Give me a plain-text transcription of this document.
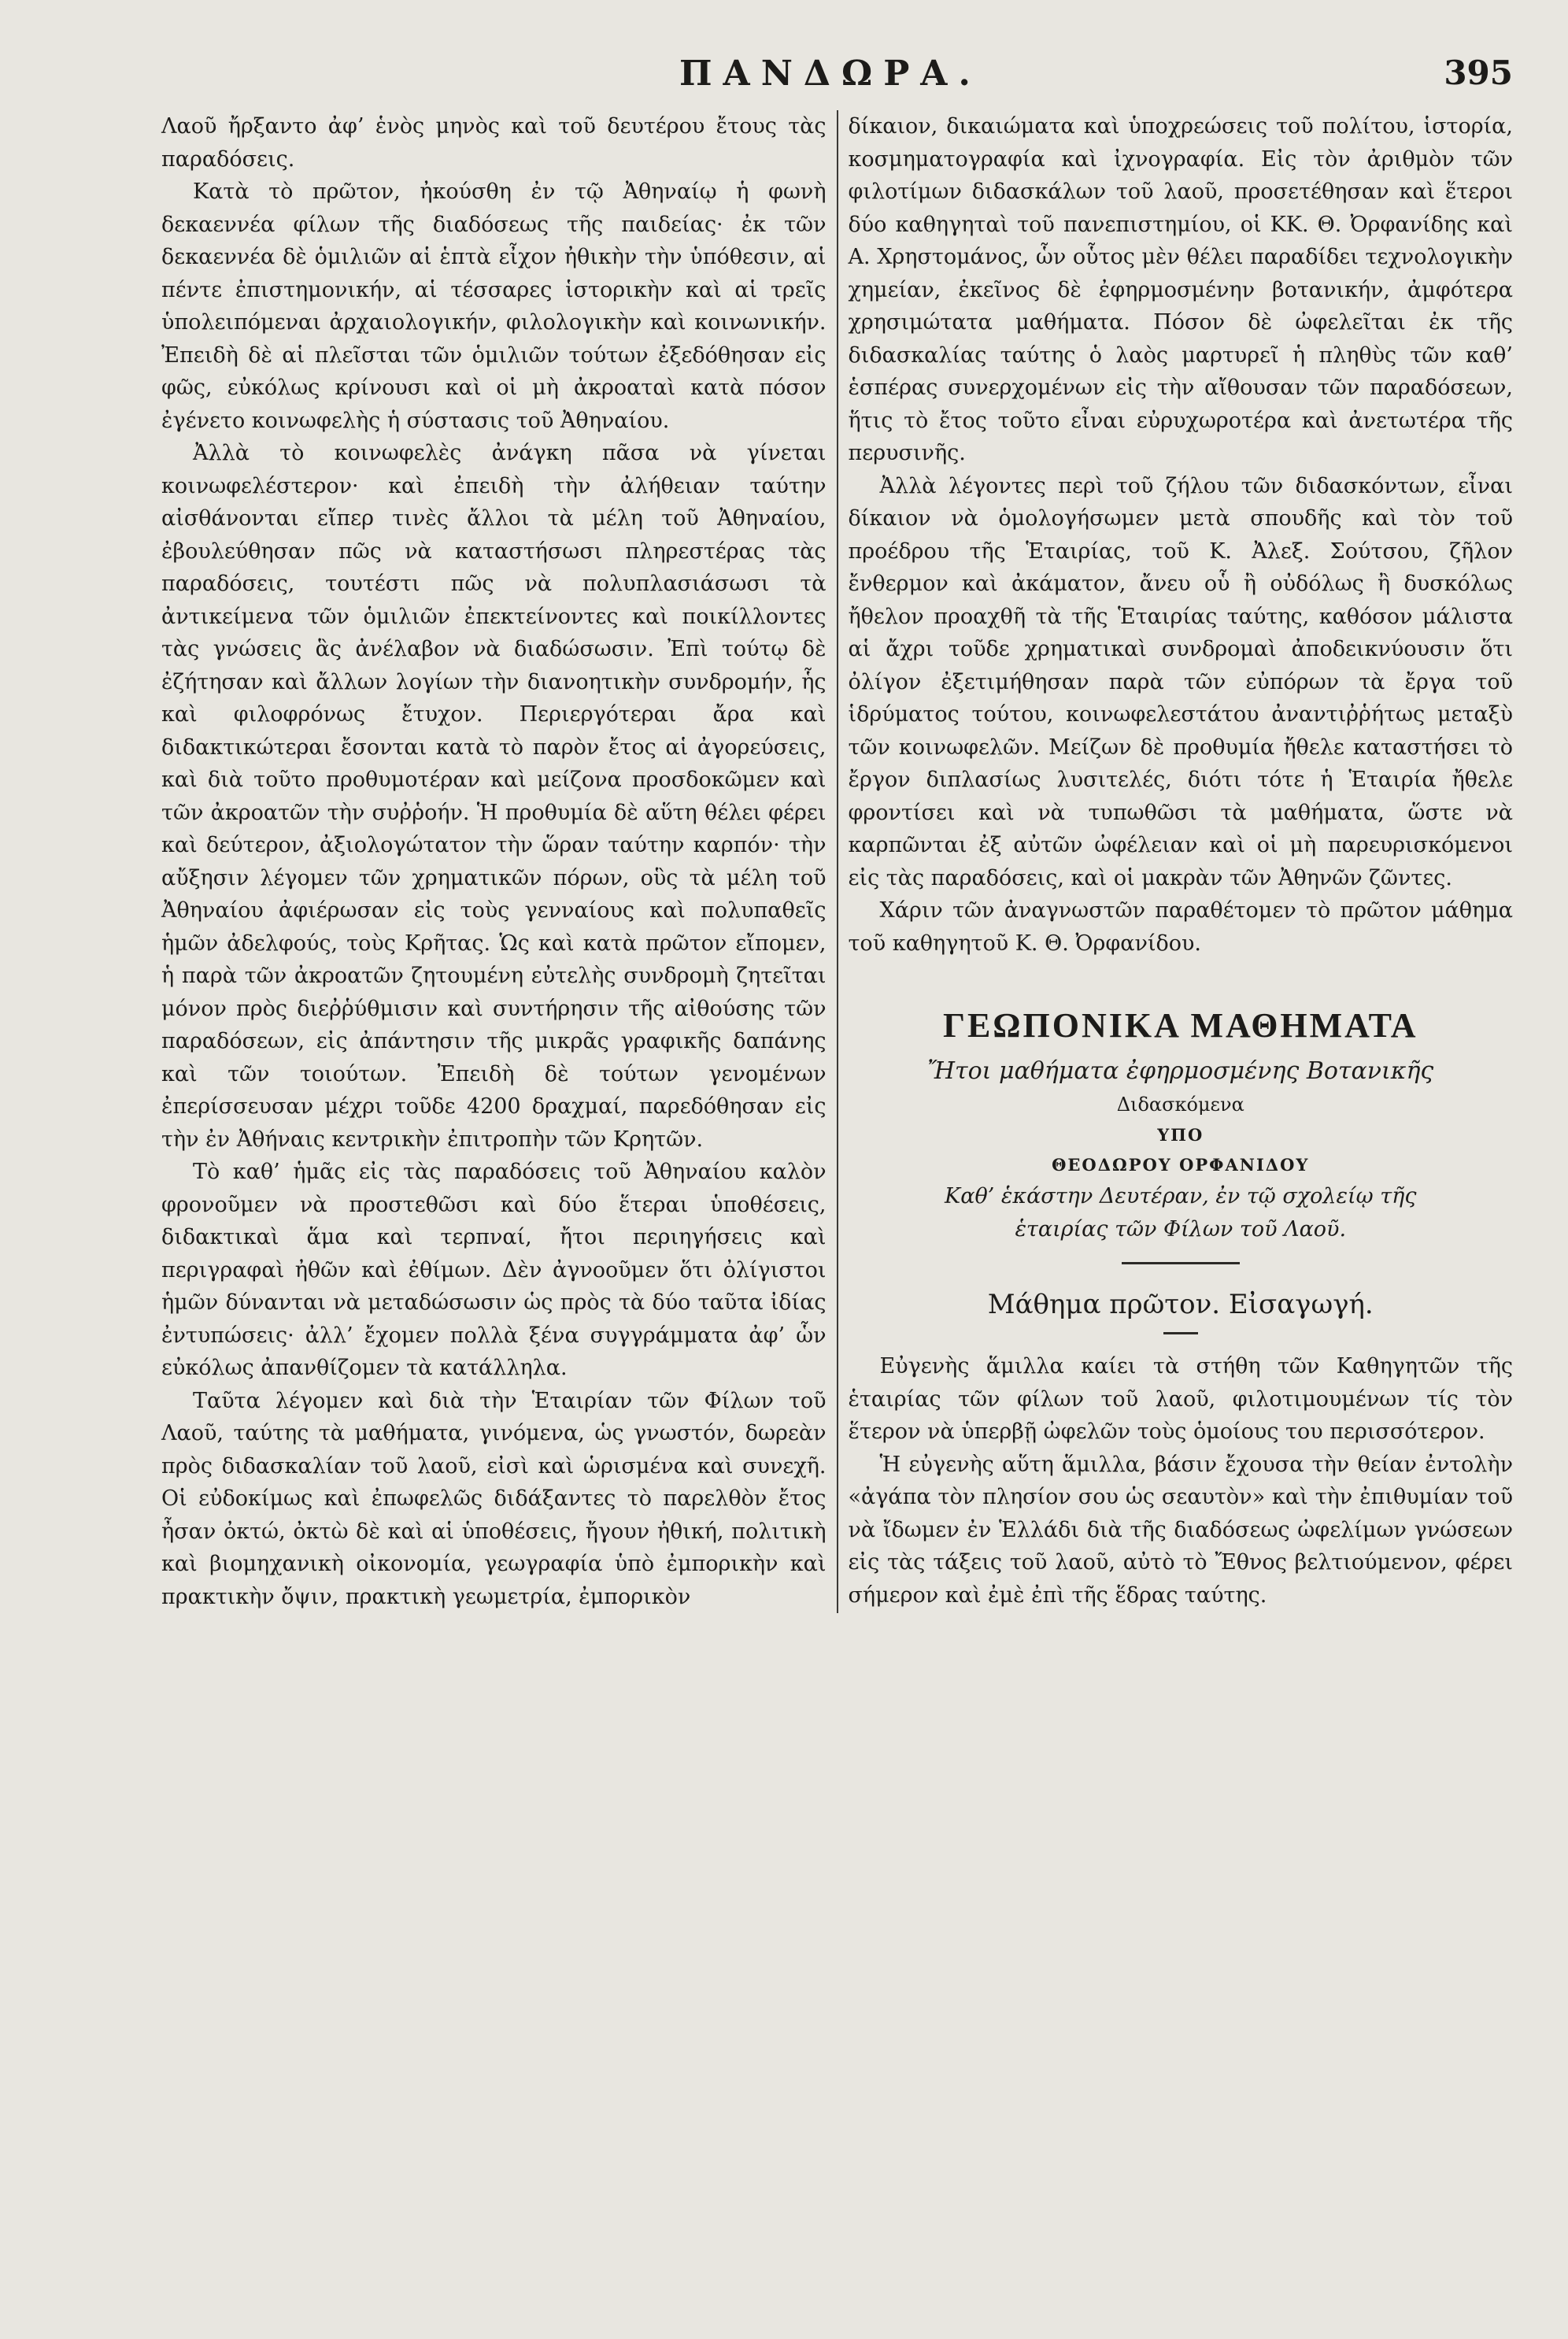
ΠΑΝΔΩΡΑ.	395

Λαοῦ ἤρξαντο ἀφ’ ἑνὸς μηνὸς καὶ τοῦ δευτέρου ἔτους τὰς παραδόσεις.

Κατὰ τὸ πρῶτον, ἠκούσθη ἐν τῷ Ἀθηναίῳ ἡ φωνὴ δεκαεννέα φίλων τῆς διαδόσεως τῆς παιδείας· ἐκ τῶν δεκαεννέα δὲ ὁμιλιῶν αἱ ἑπτὰ εἶχον ἠθικὴν τὴν ὑπόθεσιν, αἱ πέντε ἐπιστημονικήν, αἱ τέσσαρες ἱστορικὴν καὶ αἱ τρεῖς ὑπολειπόμεναι ἀρχαιολογικήν, φιλολογικὴν καὶ κοινωνικήν. Ἐπειδὴ δὲ αἱ πλεῖσται τῶν ὁμιλιῶν τούτων ἐξεδόθησαν εἰς φῶς, εὐκόλως κρίνουσι καὶ οἱ μὴ ἀκροαταὶ κατὰ πόσον ἐγένετο κοινωφελὴς ἡ σύστασις τοῦ Ἀθηναίου.

Ἀλλὰ τὸ κοινωφελὲς ἀνάγκη πᾶσα νὰ γίνεται κοινωφελέστερον· καὶ ἐπειδὴ τὴν ἀλήθειαν ταύτην αἰσθάνονται εἴπερ τινὲς ἄλλοι τὰ μέλη τοῦ Ἀθηναίου, ἐβουλεύθησαν πῶς νὰ καταστήσωσι πληρεστέρας τὰς παραδόσεις, τουτέστι πῶς νὰ πολυπλασιάσωσι τὰ ἀντικείμενα τῶν ὁμιλιῶν ἐπεκτείνοντες καὶ ποικίλλοντες τὰς γνώσεις ἃς ἀνέλαβον νὰ διαδώσωσιν. Ἐπὶ τούτῳ δὲ ἐζήτησαν καὶ ἄλλων λογίων τὴν διανοητικὴν συνδρομήν, ἧς καὶ φιλοφρόνως ἔτυχον. Περιεργότεραι ἄρα καὶ διδακτικώτεραι ἔσονται κατὰ τὸ παρὸν ἔτος αἱ ἀγορεύσεις, καὶ διὰ τοῦτο προθυμοτέραν καὶ μείζονα προσδοκῶμεν καὶ τῶν ἀκροατῶν τὴν συῤῥοήν. Ἡ προθυμία δὲ αὕτη θέλει φέρει καὶ δεύτερον, ἀξιολογώτατον τὴν ὥραν ταύτην καρπόν· τὴν αὔξησιν λέγομεν τῶν χρηματικῶν πόρων, οὓς τὰ μέλη τοῦ Ἀθηναίου ἀφιέρωσαν εἰς τοὺς γενναίους καὶ πολυπαθεῖς ἡμῶν ἀδελφούς, τοὺς Κρῆτας. Ὡς καὶ κατὰ πρῶτον εἴπομεν, ἡ παρὰ τῶν ἀκροατῶν ζητουμένη εὐτελὴς συνδρομὴ ζητεῖται μόνον πρὸς διεῤῥύθμισιν καὶ συντήρησιν τῆς αἰθούσης τῶν παραδόσεων, εἰς ἀπάντησιν τῆς μικρᾶς γραφικῆς δαπάνης καὶ τῶν τοιούτων. Ἐπειδὴ δὲ τούτων γενομένων ἐπερίσσευσαν μέχρι τοῦδε 4200 δραχμαί, παρεδόθησαν εἰς τὴν ἐν Ἀθήναις κεντρικὴν ἐπιτροπὴν τῶν Κρητῶν.

Τὸ καθ’ ἡμᾶς εἰς τὰς παραδόσεις τοῦ Ἀθηναίου καλὸν φρονοῦμεν νὰ προστεθῶσι καὶ δύο ἕτεραι ὑποθέσεις, διδακτικαὶ ἅμα καὶ τερπναί, ἤτοι περιηγήσεις καὶ περιγραφαὶ ἠθῶν καὶ ἐθίμων. Δὲν ἀγνοοῦμεν ὅτι ὀλίγιστοι ἡμῶν δύνανται νὰ μεταδώσωσιν ὡς πρὸς τὰ δύο ταῦτα ἰδίας ἐντυπώσεις· ἀλλ’ ἔχομεν πολλὰ ξένα συγγράμματα ἀφ’ ὧν εὐκόλως ἀπανθίζομεν τὰ κατάλληλα.

Ταῦτα λέγομεν καὶ διὰ τὴν Ἑταιρίαν τῶν Φίλων τοῦ Λαοῦ, ταύτης τὰ μαθήματα, γινόμενα, ὡς γνωστόν, δωρεὰν πρὸς διδασκαλίαν τοῦ λαοῦ, εἰσὶ καὶ ὡρισμένα καὶ συνεχῆ. Οἱ εὐδοκίμως καὶ ἐπωφελῶς διδάξαντες τὸ παρελθὸν ἔτος ἦσαν ὀκτώ, ὀκτὼ δὲ καὶ αἱ ὑποθέσεις, ἤγουν ἠθική, πολιτικὴ καὶ βιομηχανικὴ οἰκονομία, γεωγραφία ὑπὸ ἐμπορικὴν καὶ πρακτικὴν ὄψιν, πρακτικὴ γεωμετρία, ἐμπορικὸν

δίκαιον, δικαιώματα καὶ ὑποχρεώσεις τοῦ πολίτου, ἱστορία, κοσμηματογραφία καὶ ἰχνογραφία. Εἰς τὸν ἀριθμὸν τῶν φιλοτίμων διδασκάλων τοῦ λαοῦ, προσετέθησαν καὶ ἕτεροι δύο καθηγηταὶ τοῦ πανεπιστημίου, οἱ ΚΚ. Θ. Ὀρφανίδης καὶ Α. Χρηστομάνος, ὧν οὗτος μὲν θέλει παραδίδει τεχνολογικὴν χημείαν, ἐκεῖνος δὲ ἐφηρμοσμένην βοτανικήν, ἀμφότερα χρησιμώτατα μαθήματα. Πόσον δὲ ὠφελεῖται ἐκ τῆς διδασκαλίας ταύτης ὁ λαὸς μαρτυρεῖ ἡ πληθὺς τῶν καθ’ ἑσπέρας συνερχομένων εἰς τὴν αἴθουσαν τῶν παραδόσεων, ἥτις τὸ ἔτος τοῦτο εἶναι εὐρυχωροτέρα καὶ ἀνετωτέρα τῆς περυσινῆς.

Ἀλλὰ λέγοντες περὶ τοῦ ζήλου τῶν διδασκόντων, εἶναι δίκαιον νὰ ὁμολογήσωμεν μετὰ σπουδῆς καὶ τὸν τοῦ προέδρου τῆς Ἑταιρίας, τοῦ Κ. Ἀλεξ. Σούτσου, ζῆλον ἔνθερμον καὶ ἀκάματον, ἄνευ οὗ ἢ οὐδόλως ἢ δυσκόλως ἤθελον προαχθῆ τὰ τῆς Ἑταιρίας ταύτης, καθόσον μάλιστα αἱ ἄχρι τοῦδε χρηματικαὶ συνδρομαὶ ἀποδεικνύουσιν ὅτι ὀλίγον ἐξετιμήθησαν παρὰ τῶν εὐπόρων τὰ ἔργα τοῦ ἱδρύματος τούτου, κοινωφελεστάτου ἀναντιῤῥήτως μεταξὺ τῶν κοινωφελῶν. Μείζων δὲ προθυμία ἤθελε καταστήσει τὸ ἔργον διπλασίως λυσιτελές, διότι τότε ἡ Ἑταιρία ἤθελε φροντίσει καὶ νὰ τυπωθῶσι τὰ μαθήματα, ὥστε νὰ καρπῶνται ἐξ αὐτῶν ὠφέλειαν καὶ οἱ μὴ παρευρισκόμενοι εἰς τὰς παραδόσεις, καὶ οἱ μακρὰν τῶν Ἀθηνῶν ζῶντες.

Χάριν τῶν ἀναγνωστῶν παραθέτομεν τὸ πρῶτον μάθημα τοῦ καθηγητοῦ Κ. Θ. Ὀρφανίδου.

ΓΕΩΠΟΝΙΚΑ ΜΑΘΗΜΑΤΑ
Ἤτοι μαθήματα ἐφηρμοσμένης Βοτανικῆς
Διδασκόμενα
ΥΠΟ
ΘΕΟΔΩΡΟΥ ΟΡΦΑΝΙΔΟΥ
Καθ’ ἑκάστην Δευτέραν, ἐν τῷ σχολείῳ τῆς
ἑταιρίας τῶν Φίλων τοῦ Λαοῦ.
Μάθημα πρῶτον. Εἰσαγωγή.

Εὐγενὴς ἅμιλλα καίει τὰ στήθη τῶν Καθηγητῶν τῆς ἑταιρίας τῶν φίλων τοῦ λαοῦ, φιλοτιμουμένων τίς τὸν ἕτερον νὰ ὑπερβῇ ὠφελῶν τοὺς ὁμοίους του περισσότερον.

Ἡ εὐγενὴς αὕτη ἅμιλλα, βάσιν ἔχουσα τὴν θείαν ἐντολὴν «ἀγάπα τὸν πλησίον σου ὡς σεαυτὸν» καὶ τὴν ἐπιθυμίαν τοῦ νὰ ἴδωμεν ἐν Ἑλλάδι διὰ τῆς διαδόσεως ὠφελίμων γνώσεων εἰς τὰς τάξεις τοῦ λαοῦ, αὐτὸ τὸ Ἔθνος βελτιούμενον, φέρει σήμερον καὶ ἐμὲ ἐπὶ τῆς ἕδρας ταύτης.
